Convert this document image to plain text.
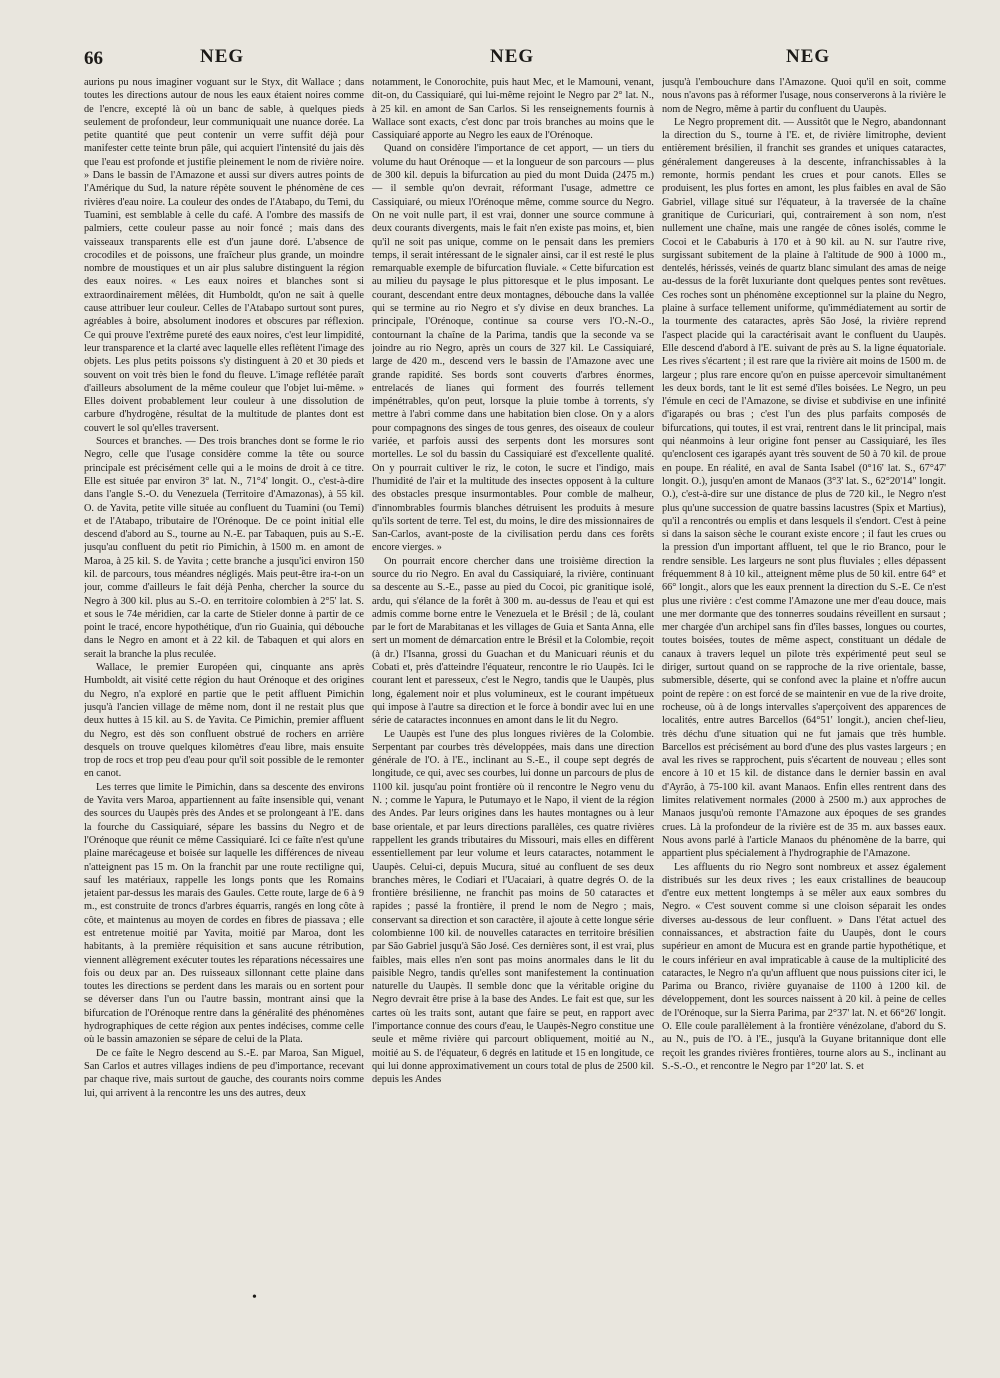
66	NEG	NEG	NEG

aurions pu nous imaginer voguant sur le Styx, dit Wallace ; dans toutes les directions autour de nous les eaux étaient noires comme de l'encre, excepté là où un banc de sable, à quelques pieds seulement de profondeur, leur communiquait une nuance dorée. La petite quantité que peut contenir un verre suffit déjà pour manifester cette teinte brun pâle, qui acquiert l'intensité du jais dès que l'eau est profonde et justifie pleinement le nom de rivière noire. » Dans le bassin de l'Amazone et aussi sur divers autres points de l'Amérique du Sud, la nature répète souvent le phénomène de ces rivières d'eau noire. La couleur des ondes de l'Atabapo, du Temi, du Tuamini, est semblable à celle du café. A l'ombre des massifs de palmiers, cette couleur passe au noir foncé ; mais dans des vaisseaux transparents elle est d'un jaune doré. L'absence de crocodiles et de poissons, une fraîcheur plus grande, un moindre nombre de moustiques et un air plus salubre distinguent la région des eaux noires. « Les eaux noires et blanches sont si extraordinairement mêlées, dit Humboldt, qu'on ne sait à quelle cause attribuer leur couleur. Celles de l'Atabapo surtout sont pures, agréables à boire, absolument inodores et obscures par réflexion. Ce qui prouve l'extrême pureté des eaux noires, c'est leur limpidité, leur transparence et la clarté avec laquelle elles reflètent l'image des objets. Les plus petits poissons s'y distinguent à 20 et 30 pieds et souvent on voit très bien le fond du fleuve. L'image reflétée paraît d'ailleurs absolument de la même couleur que l'objet lui-même. » Elles doivent probablement leur couleur à une dissolution de carbure d'hydrogène, résultat de la multitude de plantes dont est couvert le sol qu'elles traversent.

Sources et branches. — Des trois branches dont se forme le rio Negro, celle que l'usage considère comme la tête ou source principale est précisément celle qui a le moins de droit à ce titre. Elle est située par environ 3° lat. N., 71°4' longit. O., c'est-à-dire dans l'angle S.-O. du Venezuela (Territoire d'Amazonas), à 55 kil. O. de Yavita, petite ville située au confluent du Tuamini (ou Temi) et de l'Atabapo, tributaire de l'Orénoque. De ce point initial elle descend d'abord au S., tourne au N.-E. par Tabaquen, puis au S.-E. jusqu'au confluent du petit rio Pimichin, à 1500 m. en amont de Maroa, à 25 kil. S. de Yavita ; cette branche a jusqu'ici environ 150 kil. de parcours, tous méandres négligés. Mais peut-être ira-t-on un jour, comme d'ailleurs le fait déjà Penha, chercher la source du Negro à 300 kil. plus au S.-O. en territoire colombien à 2°5' lat. S. et sous le 74e méridien, car la carte de Stieler donne à partir de ce point le tracé, encore hypothétique, d'un rio Guainia, qui débouche dans le Negro en amont et à 22 kil. de Tabaquen et qui alors en serait la branche la plus reculée.

Wallace, le premier Européen qui, cinquante ans après Humboldt, ait visité cette région du haut Orénoque et des origines du Negro, n'a exploré en partie que le petit affluent Pimichin jusqu'à l'ancien village de même nom, dont il ne restait plus que deux huttes à 15 kil. au S. de Yavita. Ce Pimichin, premier affluent du Negro, est dès son confluent obstrué de rochers en arrière desquels on trouve quelques kilomètres d'eau libre, mais ensuite trop de rocs et trop peu d'eau pour qu'il soit possible de le remonter en canot.

Les terres que limite le Pimichin, dans sa descente des environs de Yavita vers Maroa, appartiennent au faîte insensible qui, venant des sources du Uaupès près des Andes et se prolongeant à l'E. dans la fourche du Cassiquiaré, sépare les bassins du Negro et de l'Orénoque que réunit ce même Cassiquiaré. Ici ce faîte n'est qu'une plaine marécageuse et boisée sur laquelle les différences de niveau n'atteignent pas 15 m. On la franchit par une route rectiligne qui, sauf les matériaux, rappelle les longs ponts que les Romains jetaient par-dessus les marais des Gaules. Cette route, large de 6 à 9 m., est construite de troncs d'arbres équarris, rangés en long côte à côte, et maintenus au moyen de cordes en fibres de piassava ; elle est entretenue moitié par Yavita, moitié par Maroa, dont les habitants, à la première réquisition et sans aucune rétribution, viennent allègrement exécuter toutes les réparations nécessaires une fois ou deux par an. Des ruisseaux sillonnant cette plaine dans toutes les directions se perdent dans les marais ou en sortent pour se déverser dans l'un ou l'autre bassin, montrant ainsi que la bifurcation de l'Orénoque rentre dans la généralité des phénomènes hydrographiques de cette région aux pentes indécises, comme celle où le bassin amazonien se sépare de celui de la Plata.

De ce faîte le Negro descend au S.-E. par Maroa, San Miguel, San Carlos et autres villages indiens de peu d'importance, recevant par chaque rive, mais surtout de gauche, des courants noirs comme lui, qui arrivent à la rencontre les uns des autres, deux

notamment, le Conorochite, puis haut Mec, et le Mamouni, venant, dit-on, du Cassiquiaré, qui lui-même rejoint le Negro par 2° lat. N., à 25 kil. en amont de San Carlos. Si les renseignements fournis à Wallace sont exacts, c'est donc par trois branches au moins que le Cassiquiaré apporte au Negro les eaux de l'Orénoque.

Quand on considère l'importance de cet apport, — un tiers du volume du haut Orénoque — et la longueur de son parcours — plus de 300 kil. depuis la bifurcation au pied du mont Duida (2475 m.) — il semble qu'on devrait, réformant l'usage, admettre ce Cassiquiaré, ou mieux l'Orénoque même, comme source du Negro. On ne voit nulle part, il est vrai, donner une source commune à deux courants divergents, mais le fait n'en existe pas moins, et, bien qu'il ne soit pas unique, comme on le pensait dans les premiers temps, il serait intéressant de le signaler ainsi, car il est resté le plus remarquable exemple de bifurcation fluviale. « Cette bifurcation est au milieu du paysage le plus pittoresque et le plus imposant. Le courant, descendant entre deux montagnes, débouche dans la vallée qui se termine au rio Negro et s'y divise en deux branches. La principale, l'Orénoque, continue sa course vers l'O.-N.-O., contournant la chaîne de la Parima, tandis que la seconde va se joindre au rio Negro, après un cours de 327 kil. Le Cassiquiaré, large de 420 m., descend vers le bassin de l'Amazone avec une grande rapidité. Ses bords sont couverts d'arbres énormes, entrelacés de lianes qui forment des fourrés tellement impénétrables, qu'on peut, lorsque la pluie tombe à torrents, s'y mettre à l'abri comme dans une habitation bien close. On y a alors pour compagnons des singes de tous genres, des oiseaux de couleur variée, et parfois aussi des serpents dont les morsures sont mortelles. Le sol du bassin du Cassiquiaré est d'excellente qualité. On y pourrait cultiver le riz, le coton, le sucre et l'indigo, mais l'humidité de l'air et la multitude des insectes opposent à la culture des obstacles presque insurmontables. Pour comble de malheur, d'innombrables fourmis blanches détruisent les produits à mesure qu'ils sortent de terre. Tel est, du moins, le dire des missionnaires de San-Carlos, avant-poste de la civilisation perdu dans ces forêts encore vierges. »

On pourrait encore chercher dans une troisième direction la source du rio Negro. En aval du Cassiquiaré, la rivière, continuant sa descente au S.-E., passe au pied du Cocoi, pic granitique isolé, ardu, qui s'élance de la forêt à 300 m. au-dessus de l'eau et qui est admis comme borne entre le Venezuela et le Brésil ; de là, coulant par le fort de Marabitanas et les villages de Guia et Santa Anna, elle sert un moment de démarcation entre le Brésil et la Colombie, reçoit (à dr.) l'Isanna, grossi du Guachan et du Manicuari réunis et du Cobati et, près d'atteindre l'équateur, rencontre le rio Uaupès. Ici le courant lent et paresseux, c'est le Negro, tandis que le Uaupès, plus long, également noir et plus volumineux, est le courant impétueux qui impose à l'autre sa direction et le force à bondir avec lui en une série de cataractes inconnues en amont dans le lit du Negro.

Le Uaupès est l'une des plus longues rivières de la Colombie. Serpentant par courbes très développées, mais dans une direction générale de l'O. à l'E., inclinant au S.-E., il coupe sept degrés de longitude, ce qui, avec ses courbes, lui donne un parcours de plus de 1100 kil. jusqu'au point frontière où il rencontre le Negro venu du N. ; comme le Yapura, le Putumayo et le Napo, il vient de la région des Andes. Par leurs origines dans les hautes montagnes ou à leur base orientale, et par leurs directions parallèles, ces quatre rivières rappellent les grands tributaires du Missouri, mais elles en diffèrent essentiellement par leur volume et leurs cataractes, notamment le Uaupès. Celui-ci, depuis Mucura, situé au confluent de ses deux branches mères, le Codiari et l'Uacaiari, à quatre degrés O. de la frontière brésilienne, ne franchit pas moins de 50 cataractes et rapides ; passé la frontière, il prend le nom de Negro ; mais, conservant sa direction et son caractère, il ajoute à cette longue série colombienne 100 kil. de nouvelles cataractes en territoire brésilien par São Gabriel jusqu'à São José. Ces dernières sont, il est vrai, plus faibles, mais elles n'en sont pas moins anormales dans le lit du paisible Negro, tandis qu'elles sont manifestement la continuation naturelle du Uaupès. Il semble donc que la véritable origine du Negro devrait être prise à la base des Andes. Le fait est que, sur les cartes où les traits sont, autant que faire se peut, en rapport avec l'importance connue des cours d'eau, le Uaupès-Negro constitue une seule et même rivière qui parcourt obliquement, moitié au N., moitié au S. de l'équateur, 6 degrés en latitude et 15 en longitude, ce qui lui donne approximativement un cours total de plus de 2500 kil. depuis les Andes

jusqu'à l'embouchure dans l'Amazone. Quoi qu'il en soit, comme nous n'avons pas à réformer l'usage, nous conserverons à la rivière le nom de Negro, même à partir du confluent du Uaupès.

Le Negro proprement dit. — Aussitôt que le Negro, abandonnant la direction du S., tourne à l'E. et, de rivière limitrophe, devient entièrement brésilien, il franchit ses grandes et uniques cataractes, généralement dangereuses à la descente, infranchissables à la remonte, hormis pendant les crues et pour canots. Elles se produisent, les plus fortes en amont, les plus faibles en aval de São Gabriel, village situé sur l'équateur, à la traversée de la chaîne granitique de Curicuriari, qui, contrairement à son nom, n'est nullement une chaîne, mais une rangée de cônes isolés, comme le Cocoi et le Cababuris à 170 et à 90 kil. au N. sur l'autre rive, surgissant subitement de la plaine à l'altitude de 900 à 1000 m., dentelés, hérissés, veinés de quartz blanc simulant des amas de neige au-dessus de la forêt luxuriante dont quelques pentes sont revêtues. Ces roches sont un phénomène exceptionnel sur la plaine du Negro, plaine à surface tellement uniforme, qu'immédiatement au sortir de la tourmente des cataractes, après São José, la rivière reprend l'aspect placide qui la caractérisait avant le confluent du Uaupès. Elle descend d'abord à l'E. suivant de près au S. la ligne équatoriale. Les rives s'écartent ; il est rare que la rivière ait moins de 1500 m. de largeur ; plus rare encore qu'on en puisse apercevoir simultanément les deux bords, tant le lit est semé d'îles boisées. Le Negro, un peu l'émule en ceci de l'Amazone, se divise et subdivise en une infinité d'igarapés ou bras ; c'est l'un des plus parfaits composés de bifurcations, qui toutes, il est vrai, rentrent dans le lit principal, mais qui néanmoins à leur origine font penser au Cassiquiaré, les îles qu'enclosent ces igarapés ayant très souvent de 50 à 70 kil. de proue en poupe. En réalité, en aval de Santa Isabel (0°16' lat. S., 67°47' longit. O.), jusqu'en amont de Manaos (3°3' lat. S., 62°20'14" longit. O.), c'est-à-dire sur une distance de plus de 720 kil., le Negro n'est plus qu'une succession de quatre bassins lacustres (Spix et Martius), qu'il a rencontrés ou emplis et dans lesquels il s'endort. C'est à peine si dans la saison sèche le courant existe encore ; il faut les crues ou la pression d'un important affluent, tel que le rio Branco, pour le rendre sensible. Les largeurs ne sont plus fluviales ; elles dépassent fréquemment 8 à 10 kil., atteignent même plus de 50 kil. entre 64° et 66° longit., alors que les eaux prennent la direction du S.-E. Ce n'est plus une rivière : c'est comme l'Amazone une mer d'eau douce, mais une mer dormante que des tonnerres soudains réveillent en sursaut ; mer chargée d'un archipel sans fin d'îles basses, longues ou courtes, toutes boisées, toutes de même aspect, constituant un dédale de canaux à travers lequel un pilote très expérimenté peut seul se diriger, surtout quand on se rapproche de la rive orientale, basse, submersible, déserte, qui se confond avec la plaine et n'offre aucun point de repère : on est forcé de se maintenir en vue de la rive droite, rocheuse, où à de longs intervalles s'aperçoivent des apparences de localités, entre autres Barcellos (64°51' longit.), ancien chef-lieu, très déchu d'une situation qui ne fut jamais que très humble. Barcellos est précisément au bord d'une des plus vastes largeurs ; en aval les rives se rapprochent, puis s'écartent de nouveau ; elles sont encore à 10 et 15 kil. de distance dans le dernier bassin en aval d'Ayrão, à 75-100 kil. avant Manaos. Enfin elles rentrent dans des limites relativement normales (2000 à 2500 m.) aux approches de Manaos jusqu'où remonte l'Amazone aux époques de ses grandes crues. Là la profondeur de la rivière est de 35 m. aux basses eaux. Nous avons parlé à l'article Manaos du phénomène de la barre, qui appartient plus spécialement à l'hydrographie de l'Amazone.

Les affluents du rio Negro sont nombreux et assez également distribués sur les deux rives ; les eaux cristallines de beaucoup d'entre eux mettent longtemps à se mêler aux eaux sombres du Negro. « C'est souvent comme si une cloison séparait les ondes diverses au-dessous de leur confluent. » Dans l'état actuel des connaissances, et abstraction faite du Uaupès, dont le cours supérieur en amont de Mucura est en grande partie hypothétique, et le cours inférieur en aval impraticable à cause de la multiplicité des cataractes, le Negro n'a qu'un affluent que nous puissions citer ici, le Parima ou Branco, rivière guyanaise de 1100 à 1200 kil. de développement, dont les sources naissent à 20 kil. à peine de celles de l'Orénoque, sur la Sierra Parima, par 2°37' lat. N. et 66°26' longit. O. Elle coule parallèlement à la frontière vénézolane, d'abord du S. au N., puis de l'O. à l'E., jusqu'à la Guyane britannique dont elle reçoit les grandes rivières frontières, tourne alors au S., inclinant au S.-S.-O., et rencontre le Negro par 1°20' lat. S. et

•
